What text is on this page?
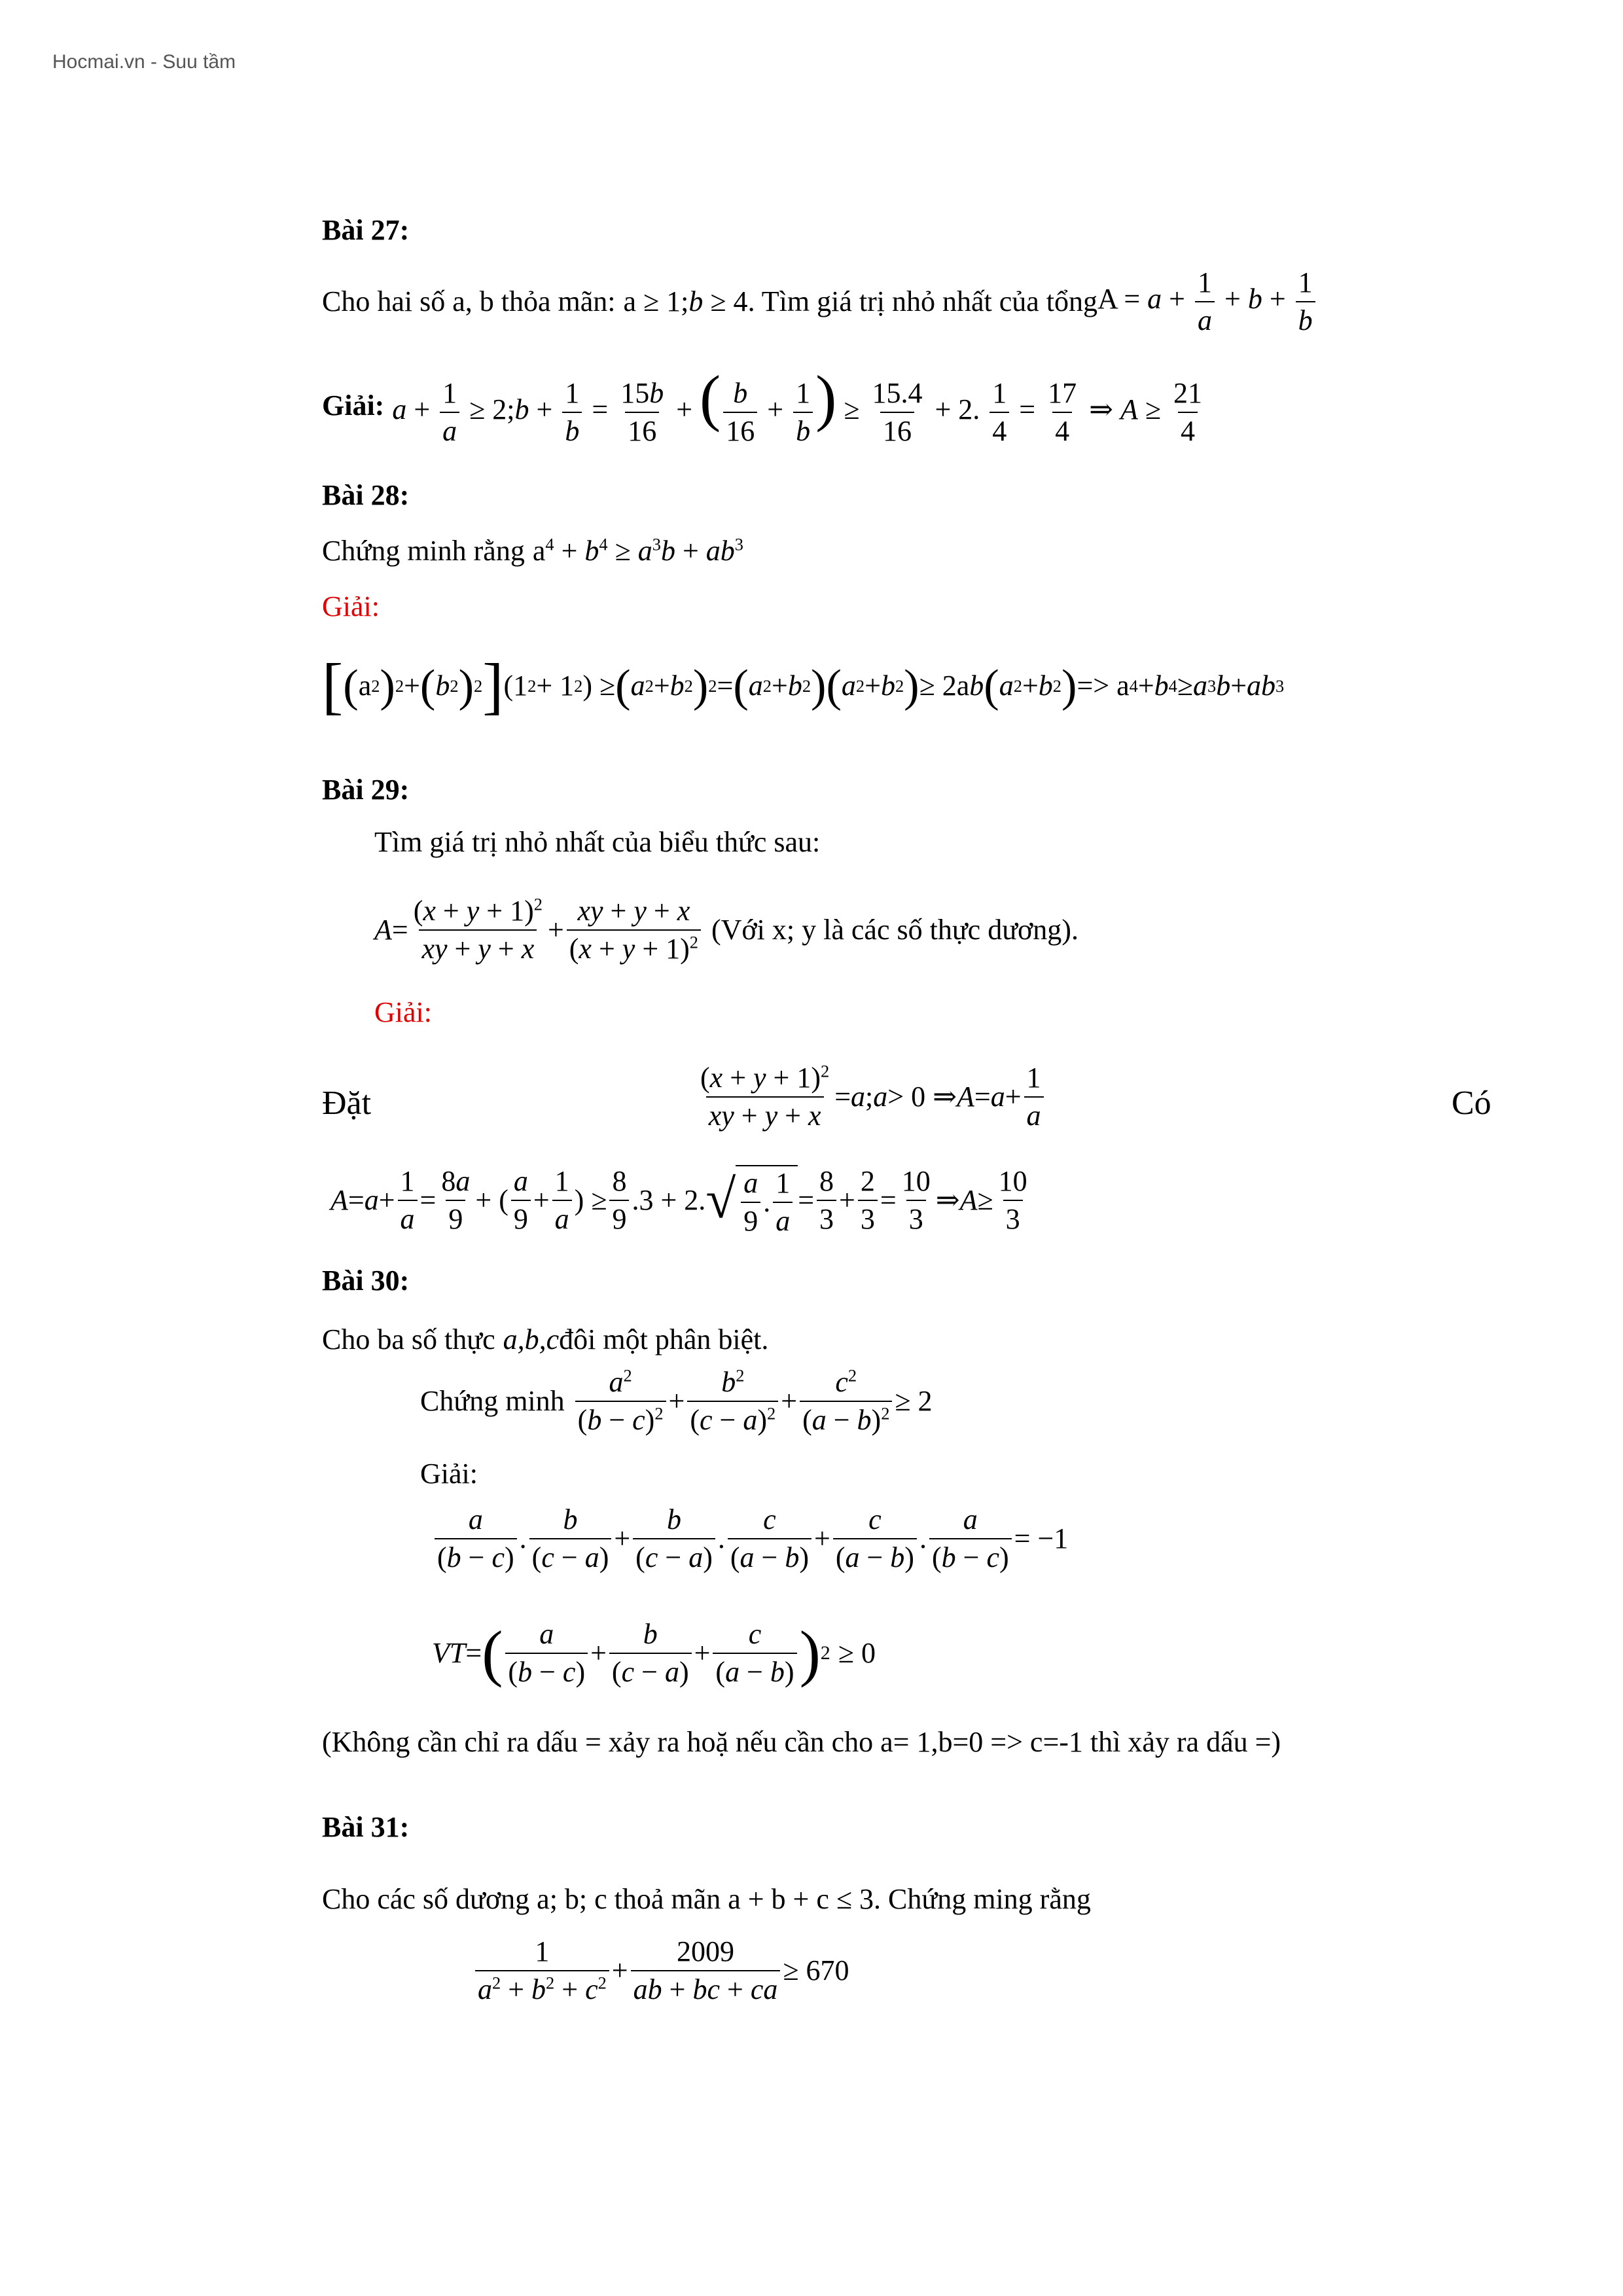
Hocmai.vn - Suu tầm
Bài 27:
Cho hai số a, b thỏa mãn: a ≥ 1;b ≥ 4 . Tìm giá trị nhỏ nhất của tổng $A = a + \frac{1}{a} + b + \frac{1}{b}$
Giải: $a + \frac{1}{a}$ ≥ 2;b + $\frac{1}{b} = \frac{15b}{16}$ + ( $\frac{b}{16} + \frac{1}{b}$ ) ≥ $\frac{15.4}{16} + 2$. $\frac{1}{4} = \frac{17}{4}$ ⇒ $A \ge \frac{21}{4}$
Bài 28:
Chứng minh rằng $a^4 + b^4 \ge a^3b + ab^3$
Giải:
[ ( a 2 ) 2 + ( b 2 ) 2 ] (1 2 + 1 2 ) ≥ ( a 2 + b 2 ) 2 = ( a 2 + b 2 ) ( a 2 + b 2 ) ≥ 2a b ( a 2 + b 2 ) => a 4 + b 4 ≥ a 3 b + ab 3
Bài 29:
Tìm giá trị nhỏ nhất của biểu thức sau:
$A = \frac{(x + y + 1)^2}{xy + y + x} + \frac{xy + y + x}{(x + y + 1)^2}$ (Với x; y là các số thực dương).
Giải:
Đặt	$\frac{(x + y + 1)^2}{xy + y + x} = a$ ; a > 0 ⇒ $A = a + \frac{1}{a}$	Có
$A = a + \frac{1}{a} = \frac{8a}{9}$ + ( $\frac{a}{9} + \frac{1}{a}$ ) ≥ $\frac{8}{9} .3 + 2$. √ $\frac{a}{9}$ . $\frac{1}{a} = \frac{8}{3} + \frac{2}{3} = \frac{10}{3}$ ⇒ $A \ge \frac{10}{3}$
Bài 30:
Cho ba số thực a,b,c đôi một phân biệt.
Chứng minh $\frac{a^2}{(b - c)^2} + \frac{b^2}{(c - a)^2} + \frac{c^2}{(a - b)^2} \ge 2$
Giải:
$\frac{a}{(b - c)}$ . $\frac{b}{(c - a)} + \frac{b}{(c - a)}$ . $\frac{c}{(a - b)} + \frac{c}{(a - b)}$ . $\frac{a}{(b - c)} = -1$
VT = ( $\frac{a}{(b - c)} + \frac{b}{(c - a)} + \frac{c}{(a - b)}$ ) 2 ≥ 0
(Không cần chỉ ra dấu = xảy ra hoặ nếu cần cho a= 1,b=0 => c=-1 thì xảy ra dấu =)
Bài 31:
Cho các số dương a; b; c thoả mãn a + b + c ≤ 3. Chứng ming rằng
$\frac{1}{a^2 + b^2 + c^2} + \frac{2009}{ab + bc + ca} \ge 670$
